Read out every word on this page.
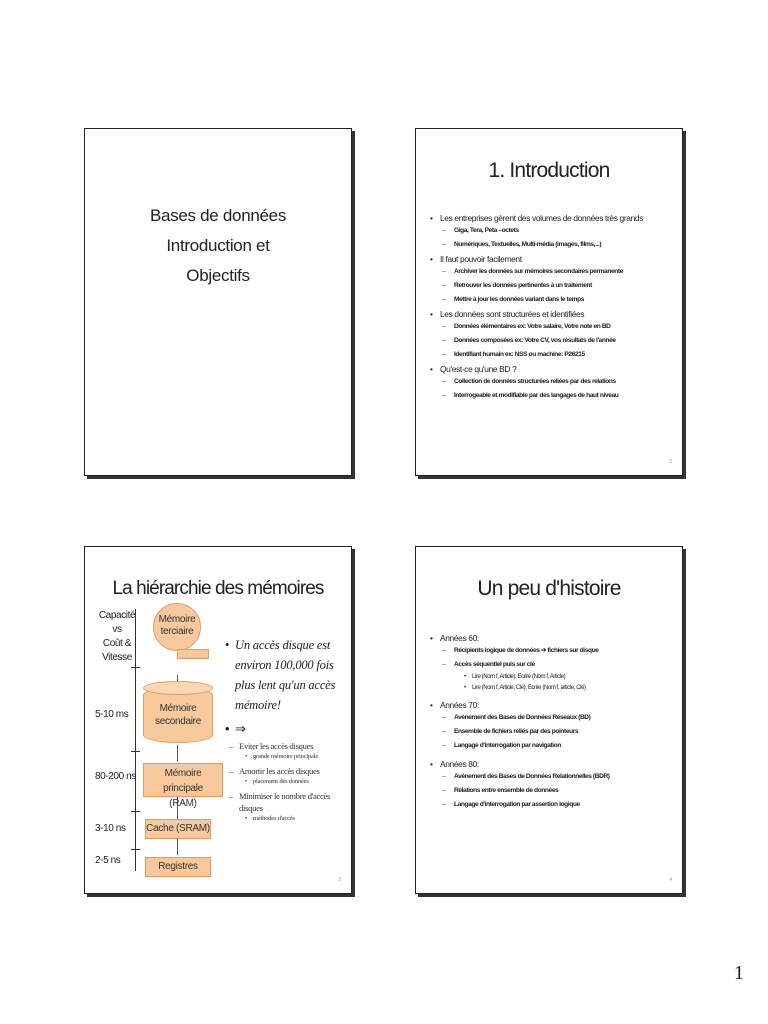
Bases de données
Introduction et
Objectifs
1. Introduction
• Les entreprises gèrent des volumes de données très grands
– Giga, Tera, Peta –octets
– Numériques, Textuelles, Multi-média (images, films,...)
• Il faut pouvoir facilement
– Archiver les données sur mémoires secondaires permanente
– Retrouver les données pertinentes à un traitement
– Mettre à jour les données variant dans le temps
• Les données sont structurées et identifiées
– Données élémentaires ex: Votre salaire, Votre note en BD
– Données composées ex: Votre CV, vos résultats de l'année
– Identifiant humain ex: NSS ou machine: P26215
• Qu'est-ce qu'une BD ?
– Collection de données structurées reliées par des relations
– Interrogeable et modifiable par des langages de haut niveau
2
La hiérarchie des mémoires
Capacité
vs
Coût &
Vitesse
5-10 ms
80-200 ns
3-10 ns
2-5 ns
Mémoire
terciaire
Mémoire
secondaire
Mémoire principale
(RAM)
Cache (SRAM)
Registres
• Un accès disque est environ 100,000 fois plus lent qu'un accès mémoire!
• ⇒
– Eviter les accès disques
• grande mémoire principale
– Amortir les accès disques
• placement des données
– Minimiser le nombre d'accès disques
• méthodes d'accès
3
Un peu d'histoire
• Années 60:
– Récipients logique de données ➔ fichiers sur disque
– Accès séquentiel puis sur clé
• Lire (Nom f, Article), Ecrire (Nom f, Article)
• Lire (Nom f, Article, Clé), Ecrire (Nom f, article, Clé)
• Années 70:
– Avènement des Bases de Données Réseaux (BD)
– Ensemble de fichiers reliés par des pointeurs
– Langage d'interrogation par navigation
• Années 80:
– Avènement des Bases de Données Relationnelles (BDR)
– Relations entre ensemble de données
– Langage d'interrogation par assertion logique
4
1
